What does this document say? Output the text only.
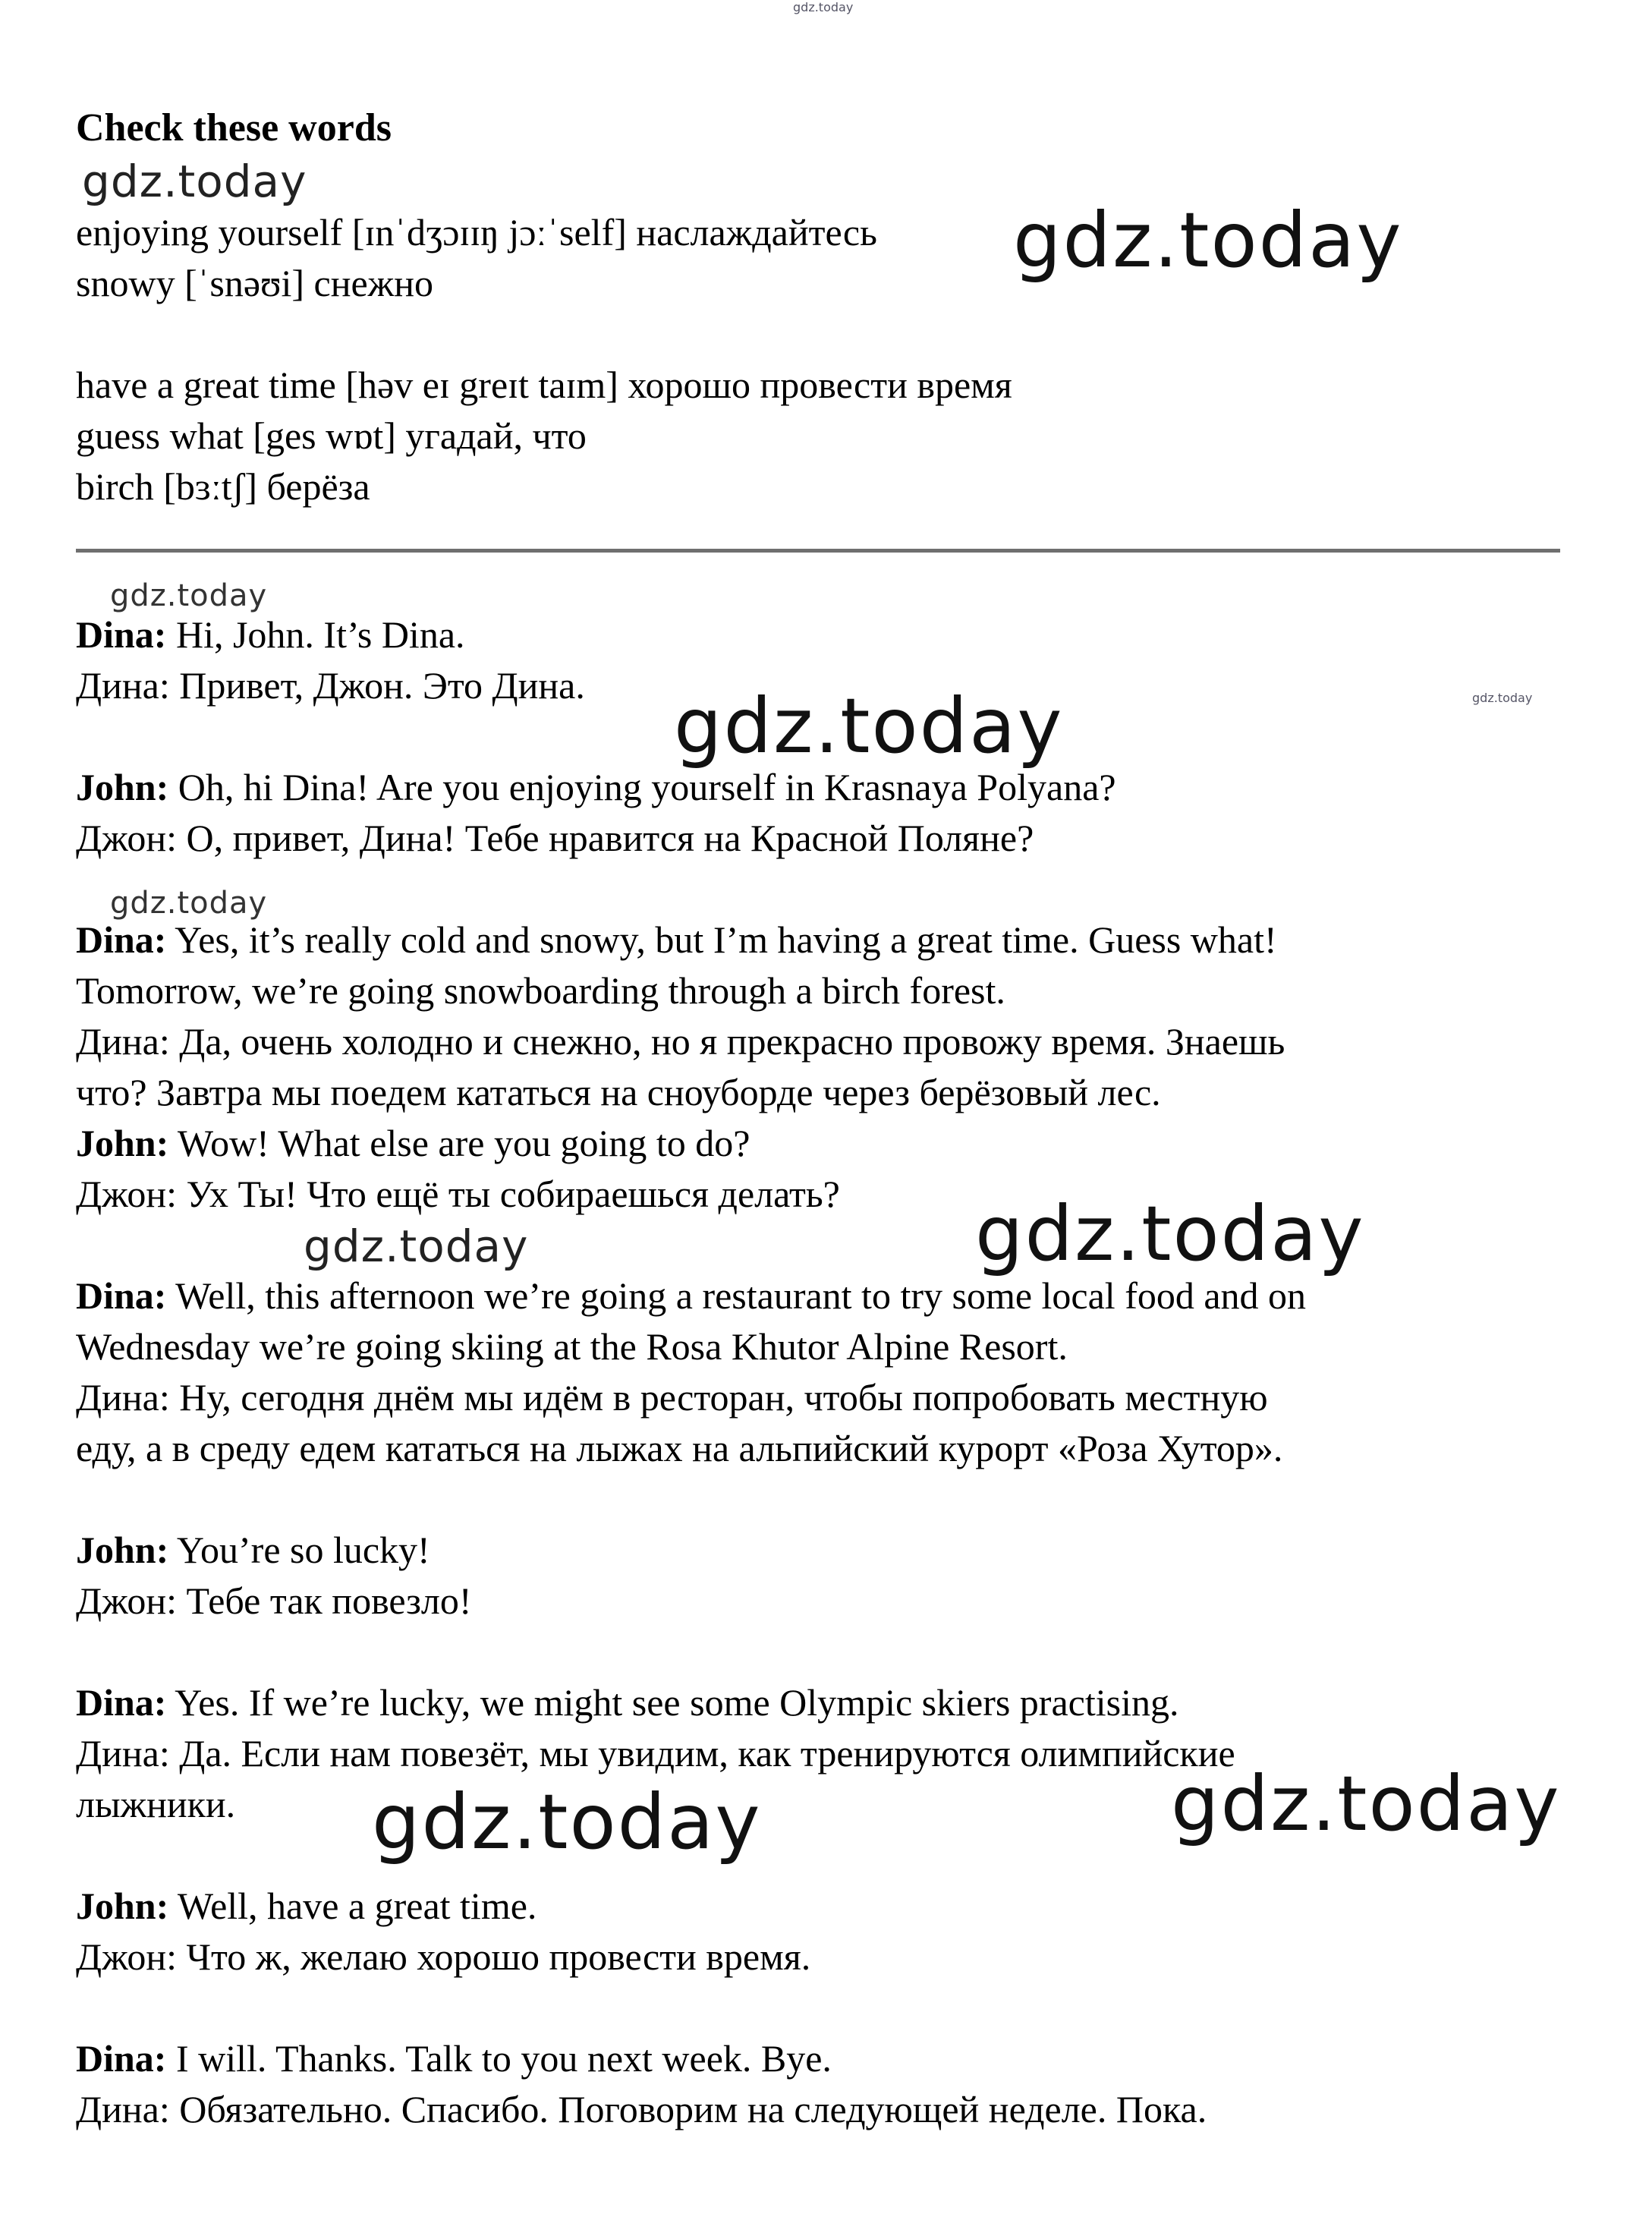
Check these words
enjoying yourself [ɪnˈdʒɔɪɪŋ jɔːˈself] наслаждайтесь
snowy [ˈsnəʊi] снежно
have a great time [həv eɪ greɪt taɪm] хорошо провести время
guess what [ges wɒt] угадай, что
birch [bɜːtʃ] берёза
Dina: Hi, John. It’s Dina.
Дина: Привет, Джон. Это Дина.
John: Oh, hi Dina! Are you enjoying yourself in Krasnaya Polyana?
Джон: О, привет, Дина! Тебе нравится на Красной Поляне?
Dina: Yes, it’s really cold and snowy, but I’m having a great time. Guess what!
Tomorrow, we’re going snowboarding through a birch forest.
Дина: Да, очень холодно и снежно, но я прекрасно провожу время. Знаешь
что? Завтра мы поедем кататься на сноуборде через берёзовый лес.
John: Wow! What else are you going to do?
Джон: Ух Ты! Что ещё ты собираешься делать?
Dina: Well, this afternoon we’re going a restaurant to try some local food and on
Wednesday we’re going skiing at the Rosa Khutor Alpine Resort.
Дина: Ну, сегодня днём мы идём в ресторан, чтобы попробовать местную
еду, а в среду едем кататься на лыжах на альпийский курорт «Роза Хутор».
John: You’re so lucky!
Джон: Тебе так повезло!
Dina: Yes. If we’re lucky, we might see some Olympic skiers practising.
Дина: Да. Если нам повезёт, мы увидим, как тренируются олимпийские
лыжники.
John: Well, have a great time.
Джон: Что ж, желаю хорошо провести время.
Dina: I will. Thanks. Talk to you next week. Bye.
Дина: Обязательно. Спасибо. Поговорим на следующей неделе. Пока.
gdz.today
gdz.today
gdz.today
gdz.today
gdz.today
gdz.today
gdz.today
gdz.today
gdz.today
gdz.today	gdz.today
